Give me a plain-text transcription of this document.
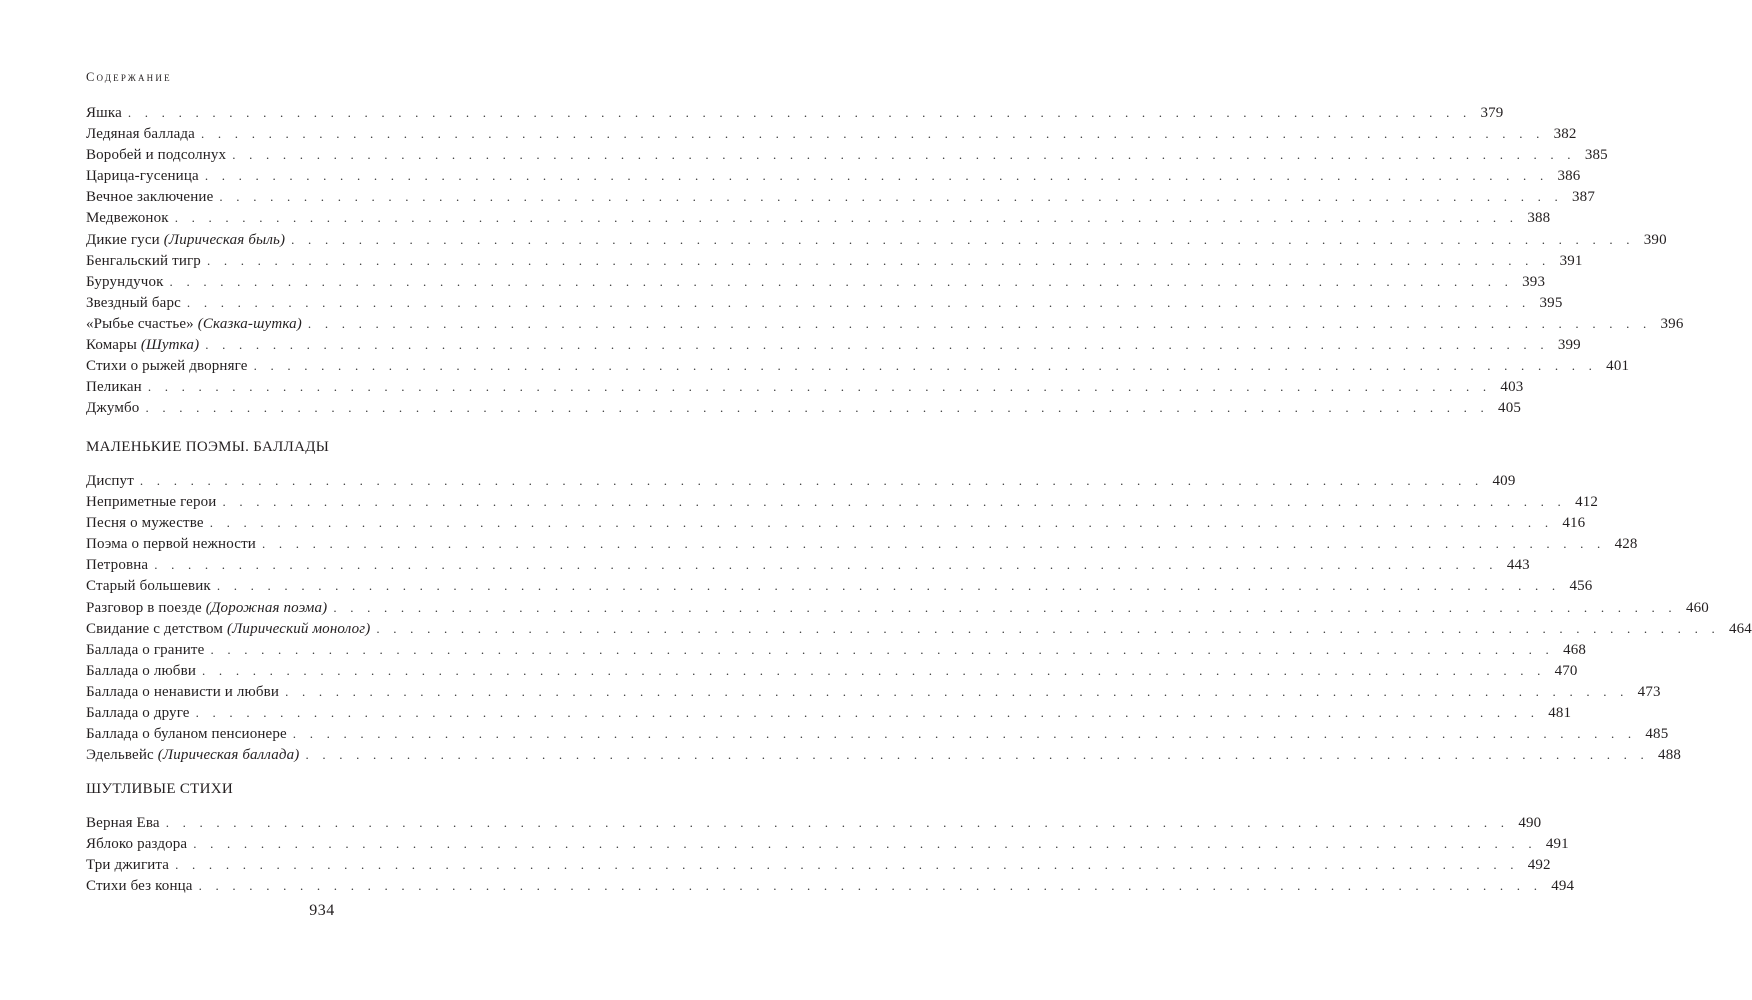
Содержание
Яшка . . . . . . . . . . . . . . . . . . . . . . . . . . . . . . . . . . . . . . . . . . . . . . . . . . . . . . . . . . . . . . . . . . . . . . . . . . . . . . . . 379
Ледяная баллада . . . . . . . . . . . . . . . . . . . . . . . . . . . . . . . . . . . . . . . . . . . . . . . . . . . . . . . . . . . . . . . . . . . . . . . . . . . . . . . . 382
Воробей и подсолнух . . . . . . . . . . . . . . . . . . . . . . . . . . . . . . . . . . . . . . . . . . . . . . . . . . . . . . . . . . . . . . . . . . . . . . . . . . . . . . . . 385
Царица-гусеница . . . . . . . . . . . . . . . . . . . . . . . . . . . . . . . . . . . . . . . . . . . . . . . . . . . . . . . . . . . . . . . . . . . . . . . . . . . . . . . . 386
Вечное заключение . . . . . . . . . . . . . . . . . . . . . . . . . . . . . . . . . . . . . . . . . . . . . . . . . . . . . . . . . . . . . . . . . . . . . . . . . . . . . . . . 387
Медвежонок . . . . . . . . . . . . . . . . . . . . . . . . . . . . . . . . . . . . . . . . . . . . . . . . . . . . . . . . . . . . . . . . . . . . . . . . . . . . . . . . 388
Дикие гуси (Лирическая быль) . . . . . . . . . . . . . . . . . . . . . . . . . . . . . . . . . . . . . . . . . . . . . . . . . . . . . . . . . . . . . . . . . . . . . . . . . . . . . . . . 390
Бенгальский тигр . . . . . . . . . . . . . . . . . . . . . . . . . . . . . . . . . . . . . . . . . . . . . . . . . . . . . . . . . . . . . . . . . . . . . . . . . . . . . . . . 391
Бурундучок . . . . . . . . . . . . . . . . . . . . . . . . . . . . . . . . . . . . . . . . . . . . . . . . . . . . . . . . . . . . . . . . . . . . . . . . . . . . . . . . 393
Звездный барс . . . . . . . . . . . . . . . . . . . . . . . . . . . . . . . . . . . . . . . . . . . . . . . . . . . . . . . . . . . . . . . . . . . . . . . . . . . . . . . . 395
«Рыбье счастье» (Сказка-шутка) . . . . . . . . . . . . . . . . . . . . . . . . . . . . . . . . . . . . . . . . . . . . . . . . . . . . . . . . . . . . . . . . . . . . . . . . . . . . . . . . 396
Комары (Шутка) . . . . . . . . . . . . . . . . . . . . . . . . . . . . . . . . . . . . . . . . . . . . . . . . . . . . . . . . . . . . . . . . . . . . . . . . . . . . . . . . 399
Стихи о рыжей дворняге . . . . . . . . . . . . . . . . . . . . . . . . . . . . . . . . . . . . . . . . . . . . . . . . . . . . . . . . . . . . . . . . . . . . . . . . . . . . . . . . 401
Пеликан . . . . . . . . . . . . . . . . . . . . . . . . . . . . . . . . . . . . . . . . . . . . . . . . . . . . . . . . . . . . . . . . . . . . . . . . . . . . . . . . 403
Джумбо . . . . . . . . . . . . . . . . . . . . . . . . . . . . . . . . . . . . . . . . . . . . . . . . . . . . . . . . . . . . . . . . . . . . . . . . . . . . . . . . 405
МАЛЕНЬКИЕ ПОЭМЫ. БАЛЛАДЫ
Диспут . . . . . . . . . . . . . . . . . . . . . . . . . . . . . . . . . . . . . . . . . . . . . . . . . . . . . . . . . . . . . . . . . . . . . . . . . . . . . . . . 409
Неприметные герои . . . . . . . . . . . . . . . . . . . . . . . . . . . . . . . . . . . . . . . . . . . . . . . . . . . . . . . . . . . . . . . . . . . . . . . . . . . . . . . . 412
Песня о мужестве . . . . . . . . . . . . . . . . . . . . . . . . . . . . . . . . . . . . . . . . . . . . . . . . . . . . . . . . . . . . . . . . . . . . . . . . . . . . . . . . 416
Поэма о первой нежности . . . . . . . . . . . . . . . . . . . . . . . . . . . . . . . . . . . . . . . . . . . . . . . . . . . . . . . . . . . . . . . . . . . . . . . . . . . . . . . . 428
Петровна . . . . . . . . . . . . . . . . . . . . . . . . . . . . . . . . . . . . . . . . . . . . . . . . . . . . . . . . . . . . . . . . . . . . . . . . . . . . . . . . 443
Старый большевик . . . . . . . . . . . . . . . . . . . . . . . . . . . . . . . . . . . . . . . . . . . . . . . . . . . . . . . . . . . . . . . . . . . . . . . . . . . . . . . . 456
Разговор в поезде (Дорожная поэма) . . . . . . . . . . . . . . . . . . . . . . . . . . . . . . . . . . . . . . . . . . . . . . . . . . . . . . . . . . . . . . . . . . . . . . . . . . . . . . . . 460
Свидание с детством (Лирический монолог) . . . . . . . . . . . . . . . . . . . . . . . . . . . . . . . . . . . . . . . . . . . . . . . . . . . . . . . . . . . . . . . . . . . . . . . . . . . . . . . . 464
Баллада о граните . . . . . . . . . . . . . . . . . . . . . . . . . . . . . . . . . . . . . . . . . . . . . . . . . . . . . . . . . . . . . . . . . . . . . . . . . . . . . . . . 468
Баллада о любви . . . . . . . . . . . . . . . . . . . . . . . . . . . . . . . . . . . . . . . . . . . . . . . . . . . . . . . . . . . . . . . . . . . . . . . . . . . . . . . . 470
Баллада о ненависти и любви . . . . . . . . . . . . . . . . . . . . . . . . . . . . . . . . . . . . . . . . . . . . . . . . . . . . . . . . . . . . . . . . . . . . . . . . . . . . . . . . 473
Баллада о друге . . . . . . . . . . . . . . . . . . . . . . . . . . . . . . . . . . . . . . . . . . . . . . . . . . . . . . . . . . . . . . . . . . . . . . . . . . . . . . . . 481
Баллада о буланом пенсионере . . . . . . . . . . . . . . . . . . . . . . . . . . . . . . . . . . . . . . . . . . . . . . . . . . . . . . . . . . . . . . . . . . . . . . . . . . . . . . . . 485
Эдельвейс (Лирическая баллада) . . . . . . . . . . . . . . . . . . . . . . . . . . . . . . . . . . . . . . . . . . . . . . . . . . . . . . . . . . . . . . . . . . . . . . . . . . . . . . . . 488
ШУТЛИВЫЕ СТИХИ
Верная Ева . . . . . . . . . . . . . . . . . . . . . . . . . . . . . . . . . . . . . . . . . . . . . . . . . . . . . . . . . . . . . . . . . . . . . . . . . . . . . . . . 490
Яблоко раздора . . . . . . . . . . . . . . . . . . . . . . . . . . . . . . . . . . . . . . . . . . . . . . . . . . . . . . . . . . . . . . . . . . . . . . . . . . . . . . . . 491
Три джигита . . . . . . . . . . . . . . . . . . . . . . . . . . . . . . . . . . . . . . . . . . . . . . . . . . . . . . . . . . . . . . . . . . . . . . . . . . . . . . . . 492
Стихи без конца . . . . . . . . . . . . . . . . . . . . . . . . . . . . . . . . . . . . . . . . . . . . . . . . . . . . . . . . . . . . . . . . . . . . . . . . . . . . . . . . 494
934
